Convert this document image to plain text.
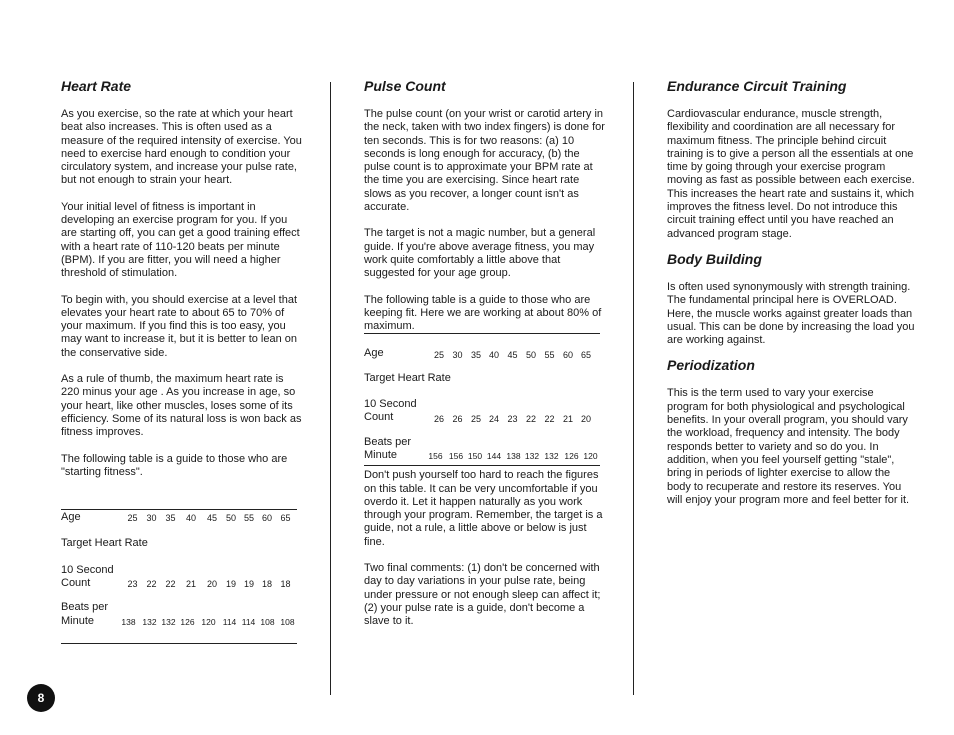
Heart Rate

As you exercise, so the rate at which your heart beat also increases. This is often used as a measure of the required intensity of exercise. You need to exercise hard enough to condition your circulatory system, and increase your pulse rate, but not enough to strain your heart.

Your initial level of fitness is important in developing an exercise program for you. If you are starting off, you can get a good training effect with a heart rate of 110-120 beats per minute (BPM). If you are fitter, you will need a higher threshold of stimulation.

To begin with, you should exercise at a level that elevates your heart rate to about 65 to 70% of your maximum. If you find this is too easy, you may want to increase it, but it is better to lean on the conservative side.

As a rule of thumb, the maximum heart rate is 220 minus your age . As you increase in age, so your heart, like other muscles, loses some of its efficiency. Some of its natural loss is won back as fitness improves.

The following table is a guide to those who are "starting fitness".

Age	25 30 35	40	45 50 55 60 65
Target Heart Rate
10 Second
Count	23 22 22	21	20 19 19 18 18
Beats per
Minute	138 132 132 126 120 114 114 108 108
Pulse Count

The pulse count (on your wrist or carotid artery in the neck, taken with two index fingers) is done for ten seconds. This is for two reasons: (a) 10 seconds is long enough for accuracy, (b) the pulse count is to approximate your BPM rate at the time you are exercising. Since heart rate slows as you recover, a longer count isn't as accurate.

The target is not a magic number, but a general guide. If you're above average fitness, you may work quite comfortably a little above that suggested for your age group.

The following table is a guide to those who are keeping fit. Here we are working at about 80% of maximum.

Age	25 30 35 40 45 50 55 60 65
Target Heart Rate
10 Second
Count	26 26 25 24 23 22 22 21 20
Beats per
Minute	156 156 150 144 138 132 132 126 120

Don't push yourself too hard to reach the figures on this table. It can be very uncomfortable if you overdo it. Let it happen naturally as you work through your program. Remember, the target is a guide, not a rule, a little above or below is just fine.

Two final comments: (1) don't be concerned with day to day variations in your pulse rate, being under pressure or not enough sleep can affect it; (2) your pulse rate is a guide, don't become a slave to it.

Endurance Circuit Training

Cardiovascular endurance, muscle strength, flexibility and coordination are all necessary for maximum fitness. The principle behind circuit training is to give a person all the essentials at one time by going through your exercise program moving as fast as possible between each exercise. This increases the heart rate and sustains it, which improves the fitness level. Do not introduce this circuit training effect until you have reached an advanced program stage.

Body Building

Is often used synonymously with strength training. The fundamental principal here is OVERLOAD. Here, the muscle works against greater loads than usual. This can be done by increasing the load you are working against.

Periodization

This is the term used to vary your exercise program for both physiological and psychological benefits. In your overall program, you should vary the workload, frequency and intensity. The body responds better to variety and so do you. In addition, when you feel yourself getting "stale", bring in periods of lighter exercise to allow the body to recuperate and restore its reserves. You will enjoy your program more and feel better for it.

8
